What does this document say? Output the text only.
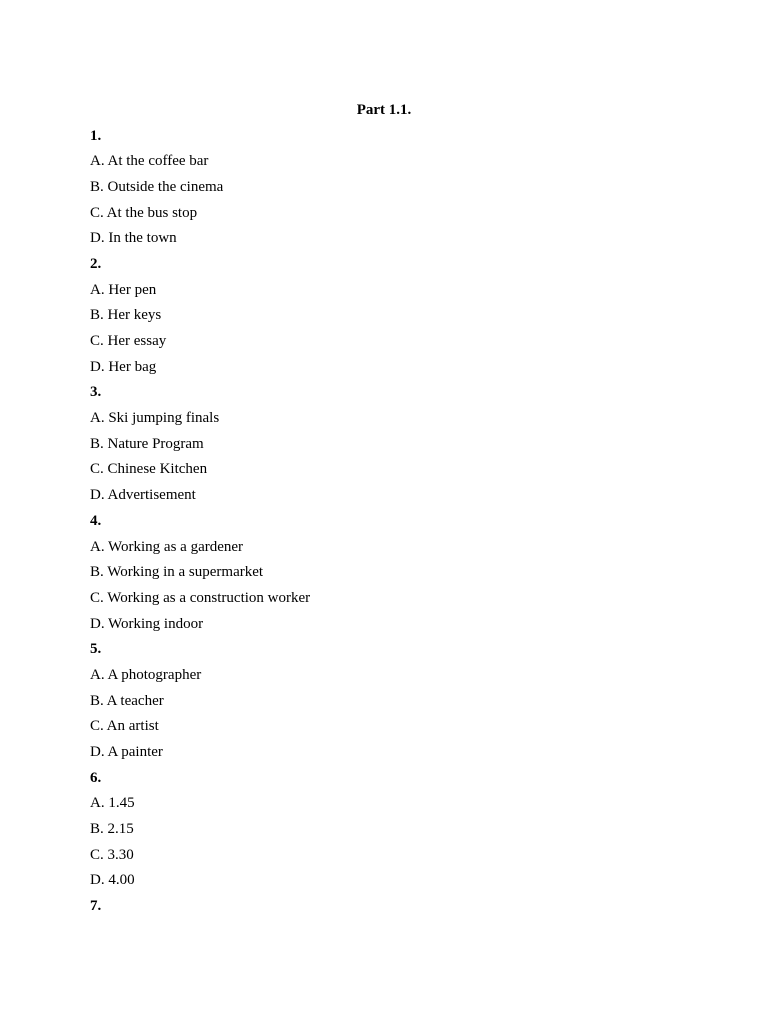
Part 1.1.
1.
A. At the coffee bar
B. Outside the cinema
C. At the bus stop
D. In the town
2.
A. Her pen
B. Her keys
C. Her essay
D. Her bag
3.
A. Ski jumping finals
B. Nature Program
C. Chinese Kitchen
D. Advertisement
4.
A. Working as a gardener
B. Working in a supermarket
C. Working as a construction worker
D. Working indoor
5.
A. A photographer
B. A teacher
C. An artist
D. A painter
6.
A. 1.45
B. 2.15
C. 3.30
D. 4.00
7.
